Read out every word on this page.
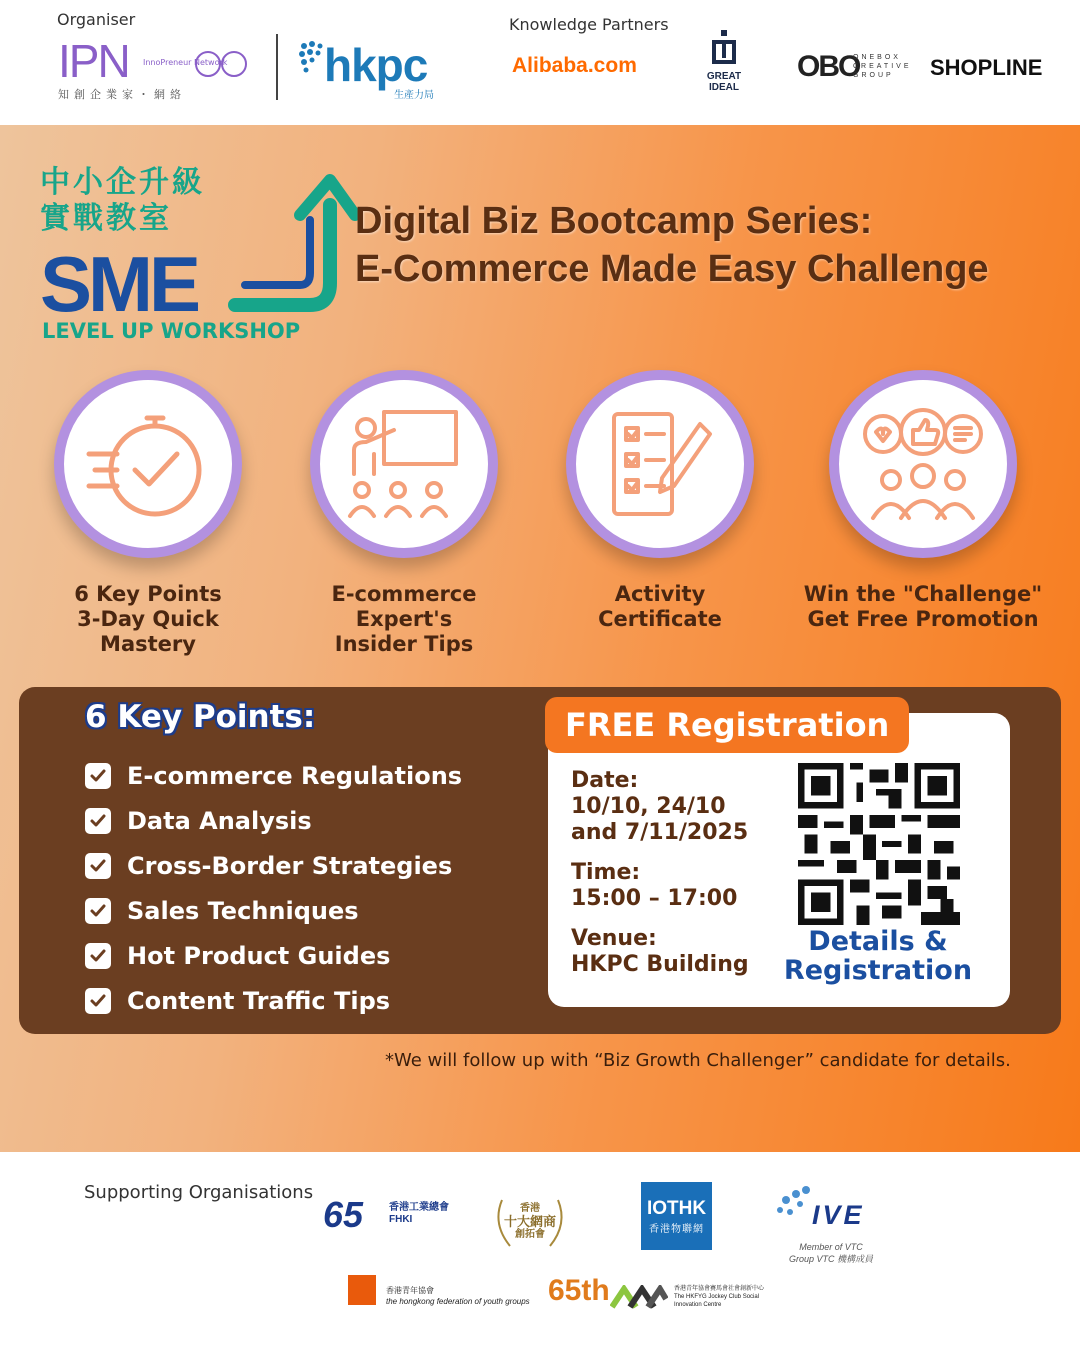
Organiser	Knowledge Partners
IPN	InnoPreneur Network
知創企業家・網絡
hkpc
生產力局
Alibaba.com	GREAT IDEAL
OBO
ONEBOX CREATIVE GROUP	SHOPLINE
中小企升級
實戰教室
SME
LEVEL UP WORKSHOP
Digital Biz Bootcamp Series:
E-Commerce Made Easy Challenge
6 Key Points
3-Day Quick
Mastery
E-commerce
Expert's
Insider Tips
Activity
Certificate
Win the "Challenge"
Get Free Promotion
6 Key Points:
E-commerce Regulations
Data Analysis
Cross-Border Strategies
Sales Techniques
Hot Product Guides
Content Traffic Tips
FREE Registration
Date:
10/10, 24/10
and 7/11/2025
Time:
15:00 – 17:00
Venue:
HKPC Building
Details &
Registration
*We will follow up with “Biz Growth Challenger” candidate for details.
Supporting Organisations
65	香港工業總會
FHKI
香港
十大網商
創拓會
IOTHK
香港物聯網	IVE
Member of VTC Group VTC 機構成員
香港青年協會
the hongkong federation of youth groups 65th	香港青年協會賽馬會社會創新中心
The HKFYG Jockey Club Social Innovation Centre
